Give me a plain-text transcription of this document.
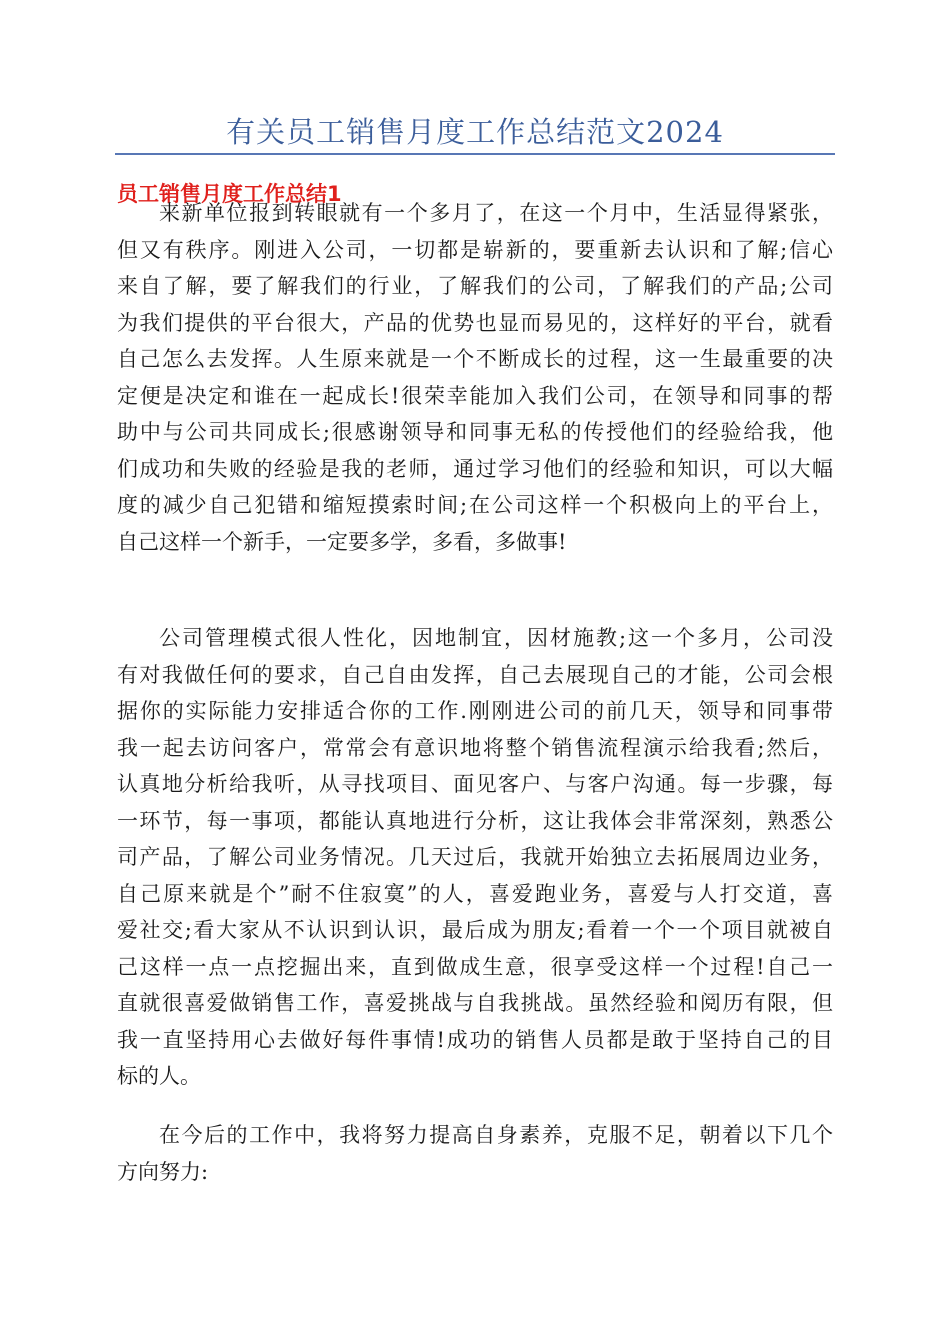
有关员工销售月度工作总结范文2024
员工销售月度工作总结1
来新单位报到转眼就有一个多月了，在这一个月中，生活显得紧张，
但又有秩序。刚进入公司，一切都是崭新的，要重新去认识和了解;信心
来自了解，要了解我们的行业，了解我们的公司，了解我们的产品;公司
为我们提供的平台很大，产品的优势也显而易见的，这样好的平台，就看
自己怎么去发挥。人生原来就是一个不断成长的过程，这一生最重要的决
定便是决定和谁在一起成长!很荣幸能加入我们公司，在领导和同事的帮
助中与公司共同成长;很感谢领导和同事无私的传授他们的经验给我，他
们成功和失败的经验是我的老师，通过学习他们的经验和知识，可以大幅
度的减少自己犯错和缩短摸索时间;在公司这样一个积极向上的平台上，
自己这样一个新手，一定要多学，多看，多做事!
公司管理模式很人性化，因地制宜，因材施教;这一个多月，公司没
有对我做任何的要求，自己自由发挥，自己去展现自己的才能，公司会根
据你的实际能力安排适合你的工作.刚刚进公司的前几天，领导和同事带
我一起去访问客户，常常会有意识地将整个销售流程演示给我看;然后，
认真地分析给我听，从寻找项目、面见客户、与客户沟通。每一步骤，每
一环节，每一事项，都能认真地进行分析，这让我体会非常深刻，熟悉公
司产品，了解公司业务情况。几天过后，我就开始独立去拓展周边业务，
自己原来就是个”耐不住寂寞”的人，喜爱跑业务，喜爱与人打交道，喜
爱社交;看大家从不认识到认识，最后成为朋友;看着一个一个项目就被自
己这样一点一点挖掘出来，直到做成生意，很享受这样一个过程!自己一
直就很喜爱做销售工作，喜爱挑战与自我挑战。虽然经验和阅历有限，但
我一直坚持用心去做好每件事情!成功的销售人员都是敢于坚持自己的目
标的人。
在今后的工作中，我将努力提高自身素养，克服不足，朝着以下几个
方向努力:
